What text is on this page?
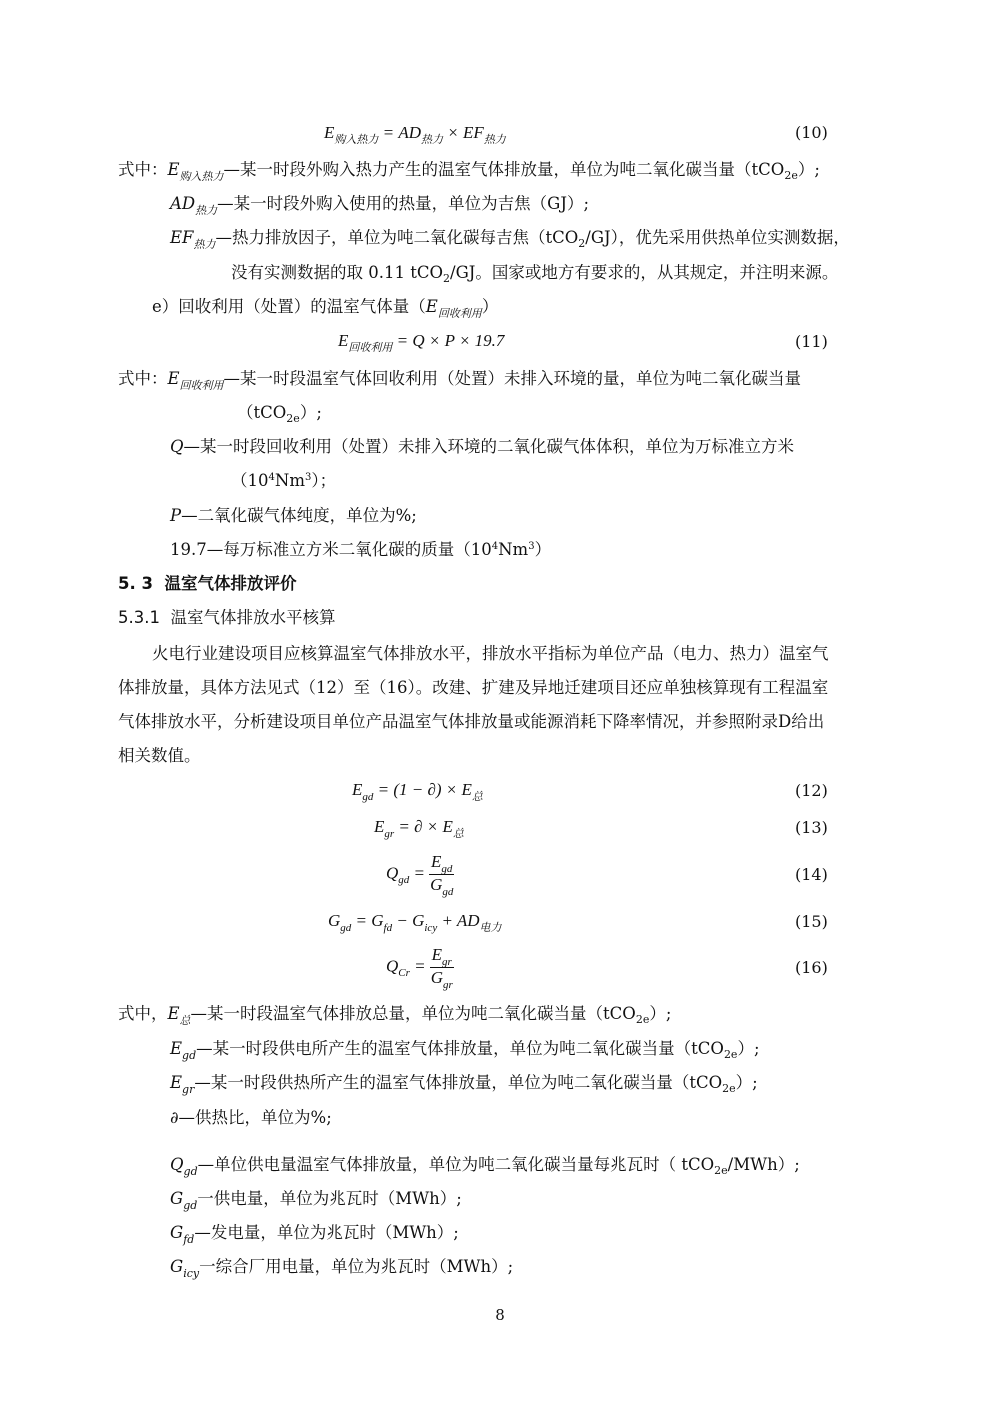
$E_{购入热力} = AD_{热力} \times EF_{热力}$	(10)
式中：$E_{购入热力}—$某一时段外购入热力产生的温室气体排放量，单位为吨二氧化碳当量（tCO$_{2e}$）;
$AD_{热力}—$某一时段外购入使用的热量，单位为吉焦（GJ）;
$EF_{热力}—$热力排放因子，单位为吨二氧化碳每吉焦（tCO$_2$/GJ），优先采用供热单位实测数据，
没有实测数据的取 0.11 tCO$_2$/GJ。国家或地方有要求的，从其规定，并注明来源。
e）回收利用（处置）的温室气体量$(E_{回收利用})$
$E_{回收利用} = Q \times P \times 19.7$	(11)
式中：$E_{回收利用}—$某一时段温室气体回收利用（处置）未排入环境的量，单位为吨二氧化碳当量
（tCO$_{2e}$）;
Q—某一时段回收利用（处置）未排入环境的二氧化碳气体体积，单位为万标准立方米
$(10^4Nm^3)$；
P—二氧化碳气体纯度，单位为%;
19.7—每万标准立方米二氧化碳的质量$(10^4Nm^3)$
5. 3 温室气体排放评价
5.3.1 温室气体排放水平核算
火电行业建设项目应核算温室气体排放水平，排放水平指标为单位产品（电力、热力）温室气
体排放量，具体方法见式（12）至（16）。改建、扩建及异地迁建项目还应单独核算现有工程温室
气体排放水平，分析建设项目单位产品温室气体排放量或能源消耗下降率情况，并参照附录D给出
相关数值。
$E_{gd} = (1$ − ∂) × $E_总$	(12)
$E_{gr}$ = ∂ × $E_总$	(13)
$Q_{gd} = \frac{E_{gd}}{G_{gd}}$	(14)
$G_{gd} = G_{fd} - G_{icy} + AD_{电力}$	(15)
$Q_{Cr} = \frac{E_{gr}}{G_{gr}}$	(16)
式中，$E_总—$某一时段温室气体排放总量，单位为吨二氧化碳当量（tCO$_{2e}$）;
$E_{gd}—$某一时段供电所产生的温室气体排放量，单位为吨二氧化碳当量（tCO$_{2e}$）;
$E_{gr}—$某一时段供热所产生的温室气体排放量，单位为吨二氧化碳当量（tCO$_{2e}$）;
∂—供热比，单位为%;
$Q_{gd}—$单位供电量温室气体排放量，单位为吨二氧化碳当量每兆瓦时（ tCO$_{2e}$/MWh）;
$G_{gd}$一供电量，单位为兆瓦时（MWh）;
$G_{fd}—$发电量，单位为兆瓦时（MWh）;
$G_{icy}$一综合厂用电量，单位为兆瓦时（MWh）;
8
